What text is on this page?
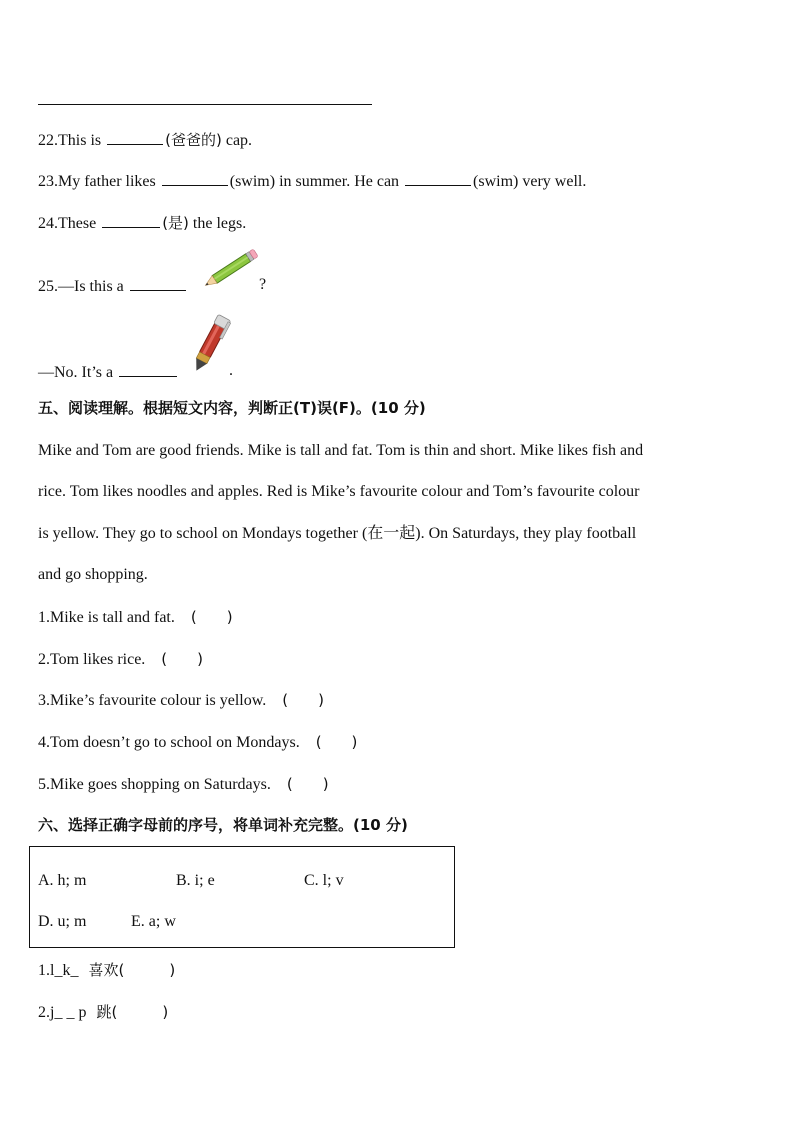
22.This is	(爸爸的) cap.
23.My father likes	(swim) in summer. He can	(swim) very well.
24.These	(是) the legs.
25.—Is this a	?
—No. It’s a	.
五、阅读理解。根据短文内容，判断正(T)误(F)。(10 分)
Mike and Tom are good friends. Mike is tall and fat. Tom is thin and short. Mike likes fish and
rice. Tom likes noodles and apples. Red is Mike’s favourite colour and Tom’s favourite colour
is yellow. They go to school on Mondays together (在一起). On Saturdays, they play football
and go shopping.
1.Mike is tall and fat. (　　)
2.Tom likes rice. (　　)
3.Mike’s favourite colour is yellow. (　　)
4.Tom doesn’t go to school on Mondays. (　　)
5.Mike goes shopping on Saturdays. (　　)
六、选择正确字母前的序号，将单词补充完整。(10 分)
A. h; m	B. i; e	C. l; v
D. u; m	E. a; w
1.l_k_ 喜欢(　　　)
2.j_ _ p 跳(　　　)
